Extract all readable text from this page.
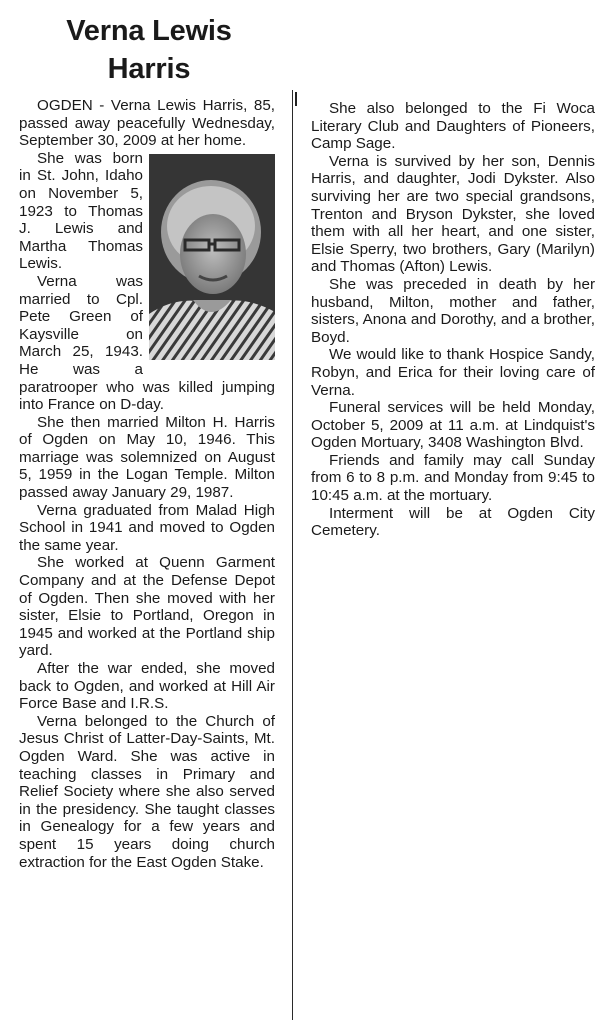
Verna Lewis
Harris

OGDEN - Verna Lewis Harris, 85, passed away peacefully Wednesday, September 30, 2009 at her home.

She was born in St. John, Idaho on November 5, 1923 to Thomas J. Lewis and Martha Thomas Lewis.

Verna was married to Cpl. Pete Green of Kaysville on March 25, 1943. He was a paratrooper who was killed jumping into France on D-day.

She then married Milton H. Harris of Ogden on May 10, 1946. This marriage was solemnized on August 5, 1959 in the Logan Temple. Milton passed away January 29, 1987.

Verna graduated from Malad High School in 1941 and moved to Ogden the same year.

She worked at Quenn Garment Company and at the Defense Depot of Ogden. Then she moved with her sister, Elsie to Portland, Oregon in 1945 and worked at the Portland ship yard.

After the war ended, she moved back to Ogden, and worked at Hill Air Force Base and I.R.S.

Verna belonged to the Church of Jesus Christ of Latter-Day-Saints, Mt. Ogden Ward. She was active in teaching classes in Primary and Relief Society where she also served in the presidency. She taught classes in Genealogy for a few years and spent 15 years doing church extraction for the East Ogden Stake.

She also belonged to the Fi Woca Literary Club and Daughters of Pioneers, Camp Sage.

Verna is survived by her son, Dennis Harris, and daughter, Jodi Dykster. Also surviving her are two special grandsons, Trenton and Bryson Dykster, she loved them with all her heart, and one sister, Elsie Sperry, two brothers, Gary (Marilyn) and Thomas (Afton) Lewis.

She was preceded in death by her husband, Milton, mother and father, sisters, Anona and Dorothy, and a brother, Boyd.

We would like to thank Hospice Sandy, Robyn, and Erica for their loving care of Verna.

Funeral services will be held Monday, October 5, 2009 at 11 a.m. at Lindquist's Ogden Mortuary, 3408 Washington Blvd.

Friends and family may call Sunday from 6 to 8 p.m. and Monday from 9:45 to 10:45 a.m. at the mortuary.

Interment will be at Ogden City Cemetery.
